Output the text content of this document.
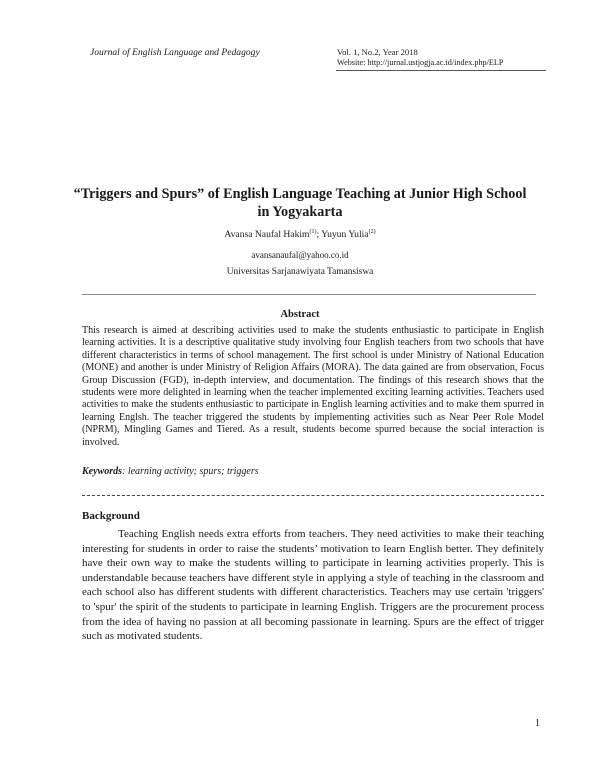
Journal of English Language and Pedagogy	Vol. 1, No.2, Year 2018
Website: http://jurnal.ustjogja.ac.id/index.php/ELP
“Triggers and Spurs” of English Language Teaching at Junior High School in Yogyakarta
Avansa Naufal Hakim$^{(1)}$; Yuyun Yulia$^{(2)}$
avansanaufal@yahoo.co.id
Universitas Sarjanawiyata Tamansiswa
Abstract
This research is aimed at describing activities used to make the students enthusiastic to participate in English learning activities. It is a descriptive qualitative study involving four English teachers from two schools that have different characteristics in terms of school management. The first school is under Ministry of National Education (MONE) and another is under Ministry of Religion Affairs (MORA). The data gained are from observation, Focus Group Discussion (FGD), in-depth interview, and documentation. The findings of this research shows that the students were more delighted in learning when the teacher implemented exciting learning activities. Teachers used activities to make the students enthusiastic to participate in English learning activities and to make them spurred in learning Englsh. The teacher triggered the students by implementing activities such as Near Peer Role Model (NPRM), Mingling Games and Tiered. As a result, students become spurred because the social interaction is involved.
Keywords: learning activity; spurs; triggers
Background
Teaching English needs extra efforts from teachers. They need activities to make their teaching interesting for students in order to raise the students’ motivation to learn English better. They definitely have their own way to make the students willing to participate in learning activities properly. This is understandable because teachers have different style in applying a style of teaching in the classroom and each school also has different students with different characteristics. Teachers may use certain 'triggers' to 'spur' the spirit of the students to participate in learning English. Triggers are the procurement process from the idea of having no passion at all becoming passionate in learning. Spurs are the effect of trigger such as motivated students.
1
